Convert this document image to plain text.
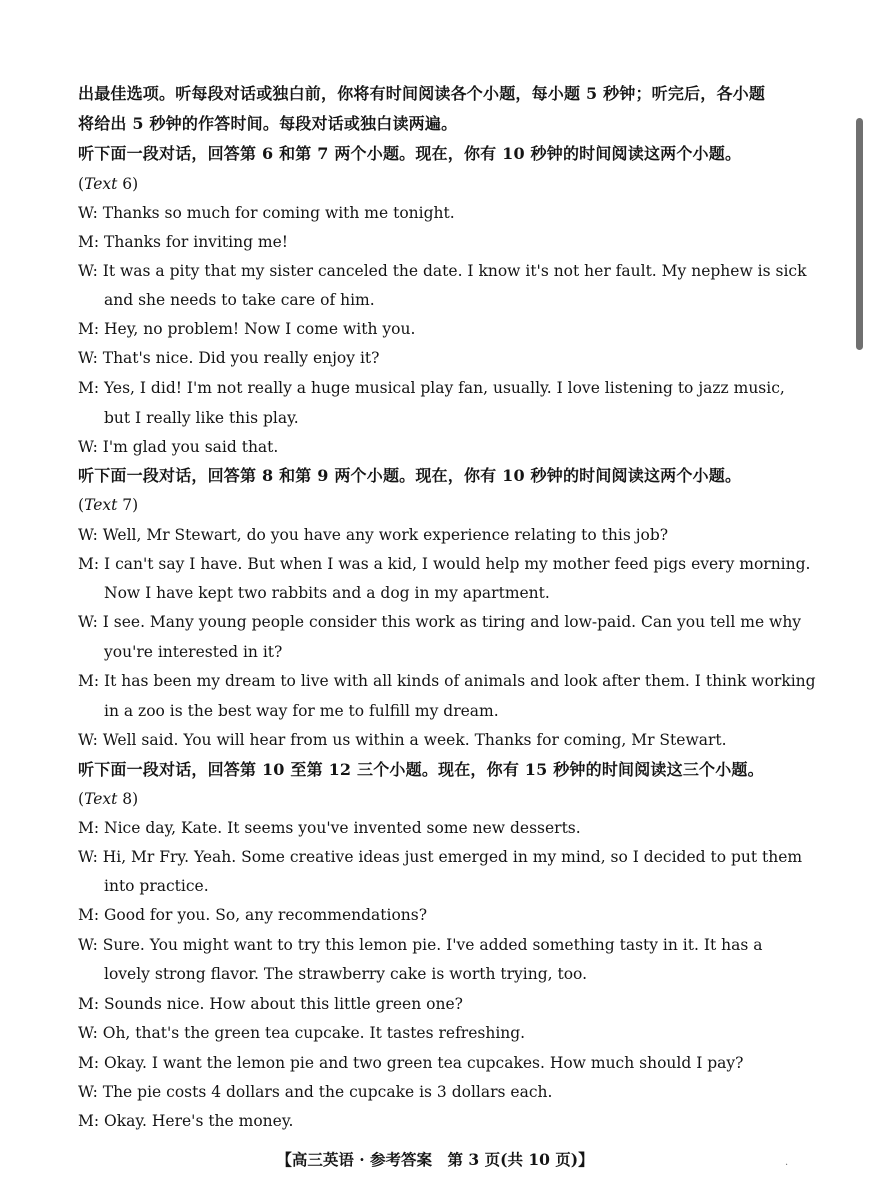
出最佳选项。听每段对话或独白前，你将有时间阅读各个小题，每小题 5 秒钟；听完后，各小题
将给出 5 秒钟的作答时间。每段对话或独白读两遍。
听下面一段对话，回答第 6 和第 7 两个小题。现在，你有 10 秒钟的时间阅读这两个小题。
(Text 6)
W: Thanks so much for coming with me tonight.
M: Thanks for inviting me!
W: It was a pity that my sister canceled the date. I know it's not her fault. My nephew is sick
and she needs to take care of him.
M: Hey, no problem! Now I come with you.
W: That's nice. Did you really enjoy it?
M: Yes, I did! I'm not really a huge musical play fan, usually. I love listening to jazz music,
but I really like this play.
W: I'm glad you said that.
听下面一段对话，回答第 8 和第 9 两个小题。现在，你有 10 秒钟的时间阅读这两个小题。
(Text 7)
W: Well, Mr Stewart, do you have any work experience relating to this job?
M: I can't say I have. But when I was a kid, I would help my mother feed pigs every morning.
Now I have kept two rabbits and a dog in my apartment.
W: I see. Many young people consider this work as tiring and low-paid. Can you tell me why
you're interested in it?
M: It has been my dream to live with all kinds of animals and look after them. I think working
in a zoo is the best way for me to fulfill my dream.
W: Well said. You will hear from us within a week. Thanks for coming, Mr Stewart.
听下面一段对话，回答第 10 至第 12 三个小题。现在，你有 15 秒钟的时间阅读这三个小题。
(Text 8)
M: Nice day, Kate. It seems you've invented some new desserts.
W: Hi, Mr Fry. Yeah. Some creative ideas just emerged in my mind, so I decided to put them
into practice.
M: Good for you. So, any recommendations?
W: Sure. You might want to try this lemon pie. I've added something tasty in it. It has a
lovely strong flavor. The strawberry cake is worth trying, too.
M: Sounds nice. How about this little green one?
W: Oh, that's the green tea cupcake. It tastes refreshing.
M: Okay. I want the lemon pie and two green tea cupcakes. How much should I pay?
W: The pie costs 4 dollars and the cupcake is 3 dollars each.
M: Okay. Here's the money.
【高三英语 · 参考答案　第 3 页(共 10 页)】	·
